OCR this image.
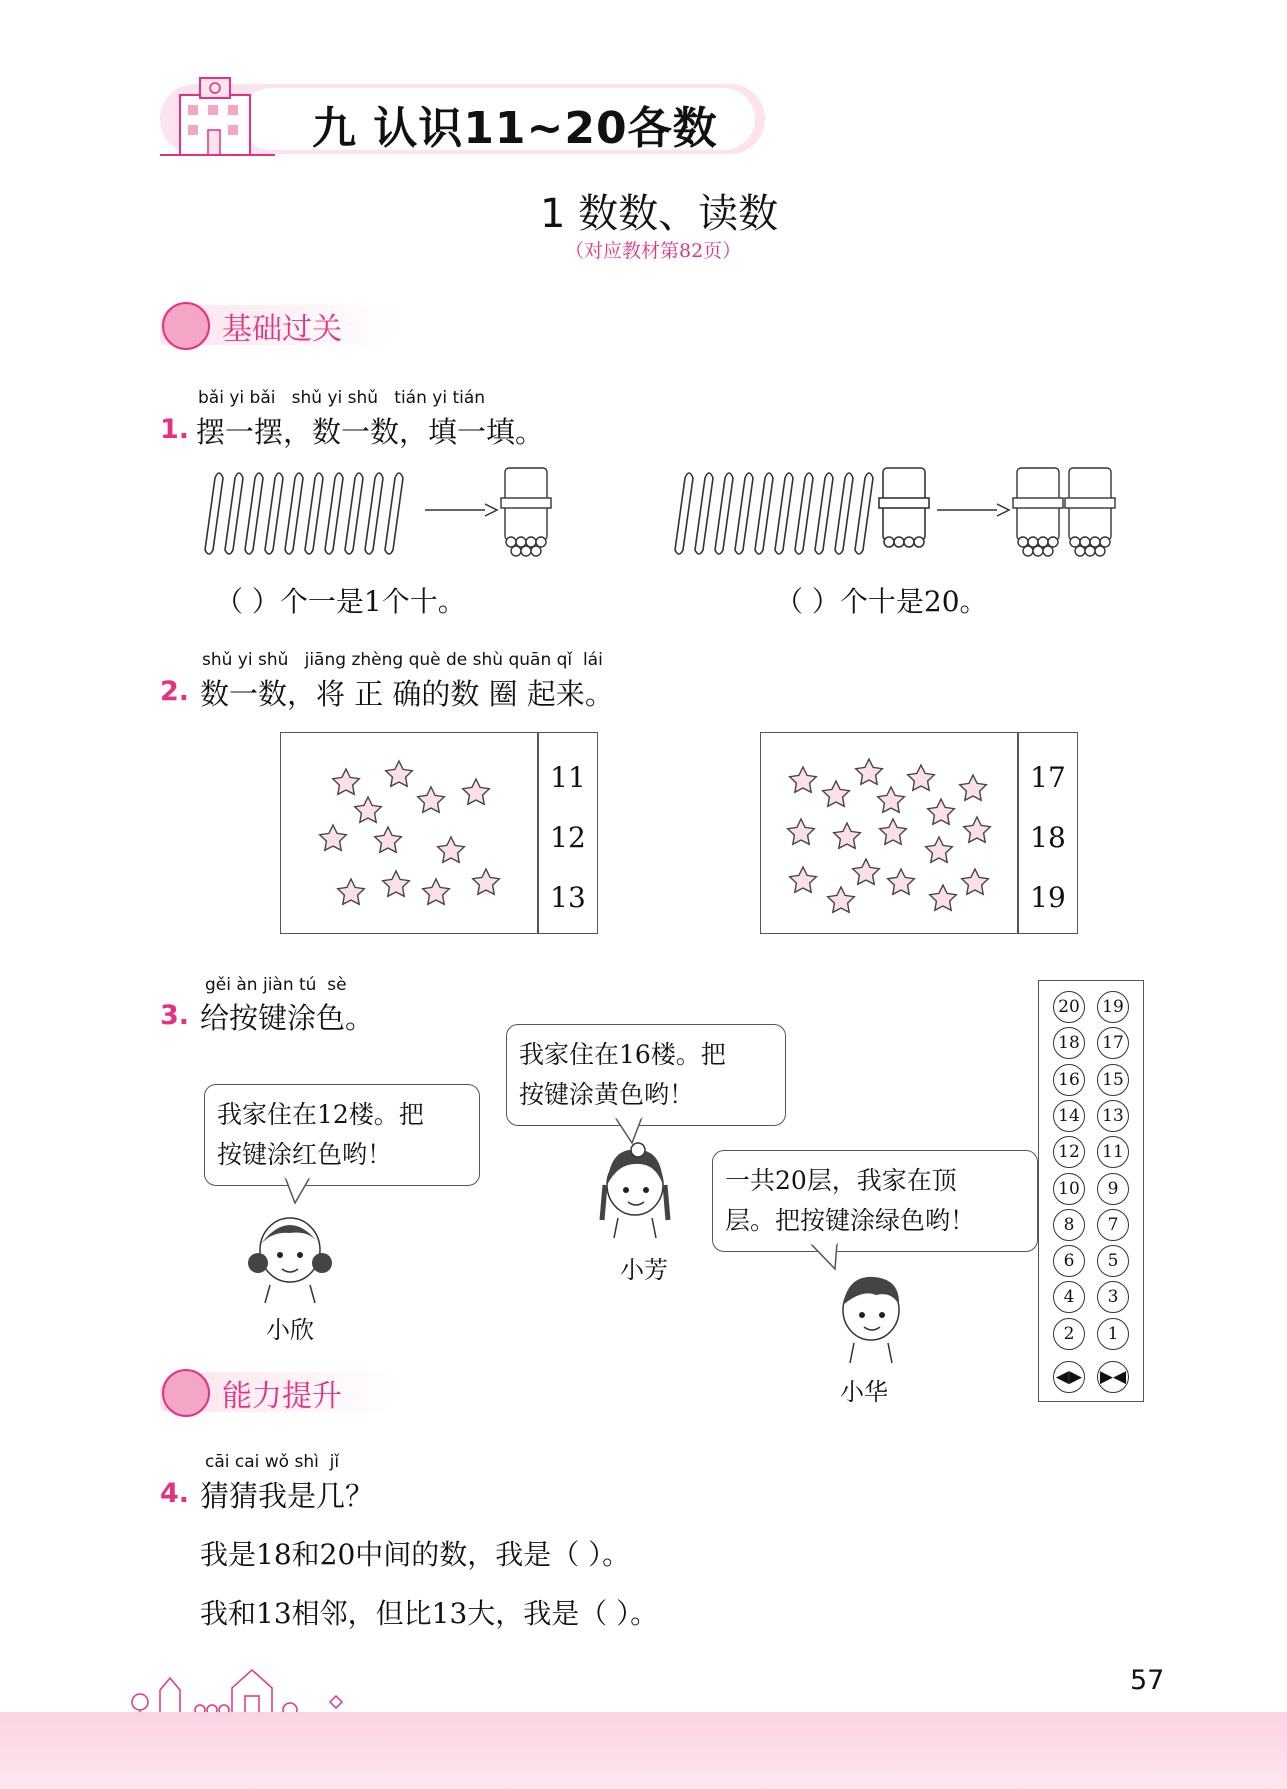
九 认识11~20各数
1 数数、读数
（对应教材第82页）
基础过关
bǎi yi bǎi   shǔ yi shǔ   tián yi tián
1. 摆一摆，数一数，填一填。
（ ）个一是1个十。	（ ）个十是20。
shǔ yi shǔ   jiāng zhèng què de shù quān qǐ  lái
2. 数一数，将 正 确的数 圈 起来。
11
12
13
17
18
19
gěi àn jiàn tú  sè
3. 给按键涂色。
我家住在12楼。把
按键涂红色哟！
小欣
我家住在16楼。把
按键涂黄色哟！
小芳
一共20层，我家在顶
层。把按键涂绿色哟！
小华
20	19
18	17
16	15
14	13
12	11
10	9
8	7
6	5
4	3
2	1
◀▶ ▶◀
能力提升
cāi cai wǒ shì  jǐ
4. 猜猜我是几？
我是18和20中间的数，我是（ ）。
我和13相邻，但比13大，我是（ ）。
57
